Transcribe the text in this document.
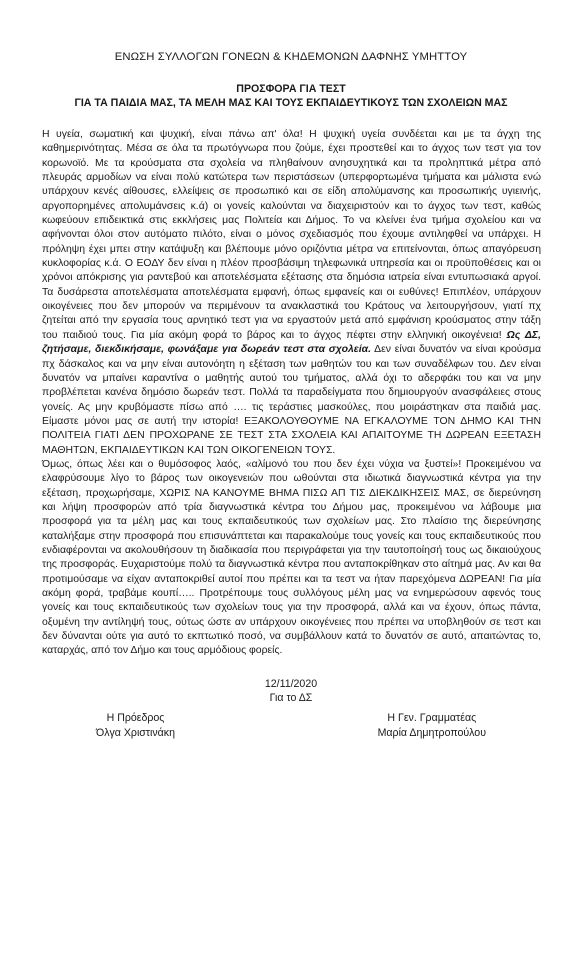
ΕΝΩΣΗ ΣΥΛΛΟΓΩΝ ΓΟΝΕΩΝ & ΚΗΔΕΜΟΝΩΝ ΔΑΦΝΗΣ ΥΜΗΤΤΟΥ
ΠΡΟΣΦΟΡΑ ΓΙΑ ΤΕΣΤ
ΓΙΑ ΤΑ ΠΑΙΔΙΑ ΜΑΣ, ΤΑ ΜΕΛΗ ΜΑΣ ΚΑΙ ΤΟΥΣ ΕΚΠΑΙΔΕΥΤΙΚΟΥΣ ΤΩΝ ΣΧΟΛΕΙΩΝ ΜΑΣ

Η υγεία, σωματική και ψυχική, είναι πάνω απ' όλα! Η ψυχική υγεία συνδέεται και με τα άγχη της καθημερινότητας. Μέσα σε όλα τα πρωτόγνωρα που ζούμε, έχει προστεθεί και το άγχος των τεστ για τον κορωνοϊό. Με τα κρούσματα στα σχολεία να πληθαίνουν ανησυχητικά και τα προληπτικά μέτρα από πλευράς αρμοδίων να είναι πολύ κατώτερα των περιστάσεων (υπερφορτωμένα τμήματα και μάλιστα ενώ υπάρχουν κενές αίθουσες, ελλείψεις σε προσωπικό και σε είδη απολύμανσης και προσωπικής υγιεινής, αργοπορημένες απολυμάνσεις κ.ά) οι γονείς καλούνται να διαχειριστούν και το άγχος των τεστ, καθώς κωφεύουν επιδεικτικά στις εκκλήσεις μας Πολιτεία και Δήμος. Το να κλείνει ένα τμήμα σχολείου και να αφήνονται όλοι στον αυτόματο πιλότο, είναι ο μόνος σχεδιασμός που έχουμε αντιληφθεί να υπάρχει. Η πρόληψη έχει μπει στην κατάψυξη και βλέπουμε μόνο οριζόντια μέτρα να επιτείνονται, όπως απαγόρευση κυκλοφορίας κ.ά. Ο ΕΟΔΥ δεν είναι η πλέον προσβάσιμη τηλεφωνικά υπηρεσία και οι προϋποθέσεις και οι χρόνοι απόκρισης για ραντεβού και αποτελέσματα εξέτασης στα δημόσια ιατρεία είναι εντυπωσιακά αργοί. Τα δυσάρεστα αποτελέσματα αποτελέσματα εμφανή, όπως εμφανείς και οι ευθύνες! Επιπλέον, υπάρχουν οικογένειες που δεν μπορούν να περιμένουν τα ανακλαστικά του Κράτους να λειτουργήσουν, γιατί πχ ζητείται από την εργασία τους αρνητικό τεστ για να εργαστούν μετά από εμφάνιση κρούσματος στην τάξη του παιδιού τους. Για μία ακόμη φορά το βάρος και το άγχος πέφτει στην ελληνική οικογένεια! Ως ΔΣ, ζητήσαμε, διεκδικήσαμε, φωνάξαμε για δωρεάν τεστ στα σχολεία. Δεν είναι δυνατόν να είναι κρούσμα πχ δάσκαλος και να μην είναι αυτονόητη η εξέταση των μαθητών του και των συναδέλφων του. Δεν είναι δυνατόν να μπαίνει καραντίνα ο μαθητής αυτού του τμήματος, αλλά όχι το αδερφάκι του και να μην προβλέπεται κανένα δημόσιο δωρεάν τεστ. Πολλά τα παραδείγματα που δημιουργούν ανασφάλειες στους γονείς. Ας μην κρυβόμαστε πίσω από …. τις τεράστιες μασκούλες, που μοιράστηκαν στα παιδιά μας. Είμαστε μόνοι μας σε αυτή την ιστορία! ΕΞΑΚΟΛΟΥΘΟΥΜΕ ΝΑ ΕΓΚΑΛΟΥΜΕ ΤΟΝ ΔΗΜΟ ΚΑΙ ΤΗΝ ΠΟΛΙΤΕΙΑ ΓΙΑΤΙ ΔΕΝ ΠΡΟΧΩΡΑΝΕ ΣΕ ΤΕΣΤ ΣΤΑ ΣΧΟΛΕΙΑ ΚΑΙ ΑΠΑΙΤΟΥΜΕ ΤΗ ΔΩΡΕΑΝ ΕΞΕΤΑΣΗ ΜΑΘΗΤΩΝ, ΕΚΠΑΙΔΕΥΤΙΚΩΝ ΚΑΙ ΤΩΝ ΟΙΚΟΓΕΝΕΙΩΝ ΤΟΥΣ.

Όμως, όπως λέει και ο θυμόσοφος λαός, «αλίμονό του που δεν έχει νύχια να ξυστεί»! Προκειμένου να ελαφρύσουμε λίγο το βάρος των οικογενειών που ωθούνται στα ιδιωτικά διαγνωστικά κέντρα για την εξέταση, προχωρήσαμε, ΧΩΡΙΣ ΝΑ ΚΑΝΟΥΜΕ ΒΗΜΑ ΠΙΣΩ ΑΠ ΤΙΣ ΔΙΕΚΔΙΚΗΣΕΙΣ ΜΑΣ, σε διερεύνηση και λήψη προσφορών από τρία διαγνωστικά κέντρα του Δήμου μας, προκειμένου να λάβουμε μια προσφορά για τα μέλη μας και τους εκπαιδευτικούς των σχολείων μας. Στο πλαίσιο της διερεύνησης καταλήξαμε στην προσφορά που επισυνάπτεται και παρακαλούμε τους γονείς και τους εκπαιδευτικούς που ενδιαφέρονται να ακολουθήσουν τη διαδικασία που περιγράφεται για την ταυτοποίησή τους ως δικαιούχους της προσφοράς. Ευχαριστούμε πολύ τα διαγνωστικά κέντρα που ανταποκρίθηκαν στο αίτημά μας. Αν και θα προτιμούσαμε να είχαν ανταποκριθεί αυτοί που πρέπει και τα τεστ να ήταν παρεχόμενα ΔΩΡΕΑΝ! Για μία ακόμη φορά, τραβάμε κουπί….. Προτρέπουμε τους συλλόγους μέλη μας να ενημερώσουν αφενός τους γονείς και τους εκπαιδευτικούς των σχολείων τους για την προσφορά, αλλά και να έχουν, όπως πάντα, οξυμένη την αντίληψή τους, ούτως ώστε αν υπάρχουν οικογένειες που πρέπει να υποβληθούν σε τεστ και δεν δύνανται ούτε για αυτό το εκπτωτικό ποσό, να συμβάλλουν κατά το δυνατόν σε αυτό, απαιτώντας το, καταρχάς, από τον Δήμο και τους αρμόδιους φορείς.

12/11/2020
Για το ΔΣ
Η Πρόεδρος
Όλγα Χριστινάκη
Η Γεν. Γραμματέας
Μαρία Δημητροπούλου
